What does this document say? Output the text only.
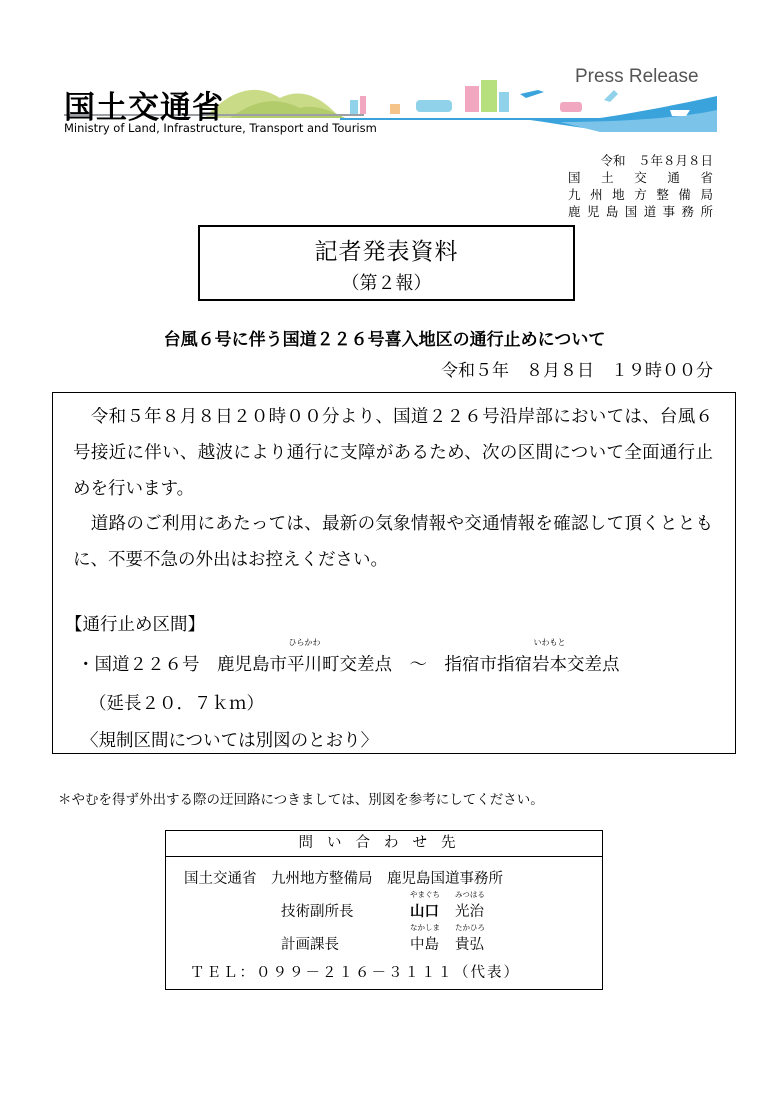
国土交通省
Ministry of Land, Infrastructure, Transport and Tourism
Press Release
令和　５年８月８日
国土交通省
九州地方整備局
鹿児島国道事務所
記者発表資料
（第２報）
台風６号に伴う国道２２６号喜入地区の通行止めについて
令和５年　８月８日　１９時００分
　令和５年８月８日２０時００分より、国道２２６号沿岸部においては、台風６号接近に伴い、越波により通行に支障があるため、次の区間について全面通行止めを行います。
　道路のご利用にあたっては、最新の気象情報や交通情報を確認して頂くとともに、不要不急の外出はお控えください。
【通行止め区間】
・国道２２６号　鹿児島市
ひらかわ
平川町交差点　～　指宿市指宿
いわもと
岩本交差点
（延長２０．７ｋｍ）
〈規制区間については別図のとおり〉
＊やむを得ず外出する際の迂回路につきましては、別図を参考にしてください。
問い合わせ先
国土交通省　九州地方整備局　鹿児島国道事務所
技術副所長
やまぐち
山口
みつはる
光治
計画課長
なかしま
中島
たかひろ
貴弘
ＴＥＬ：０９９－２１６－３１１１（代表）
